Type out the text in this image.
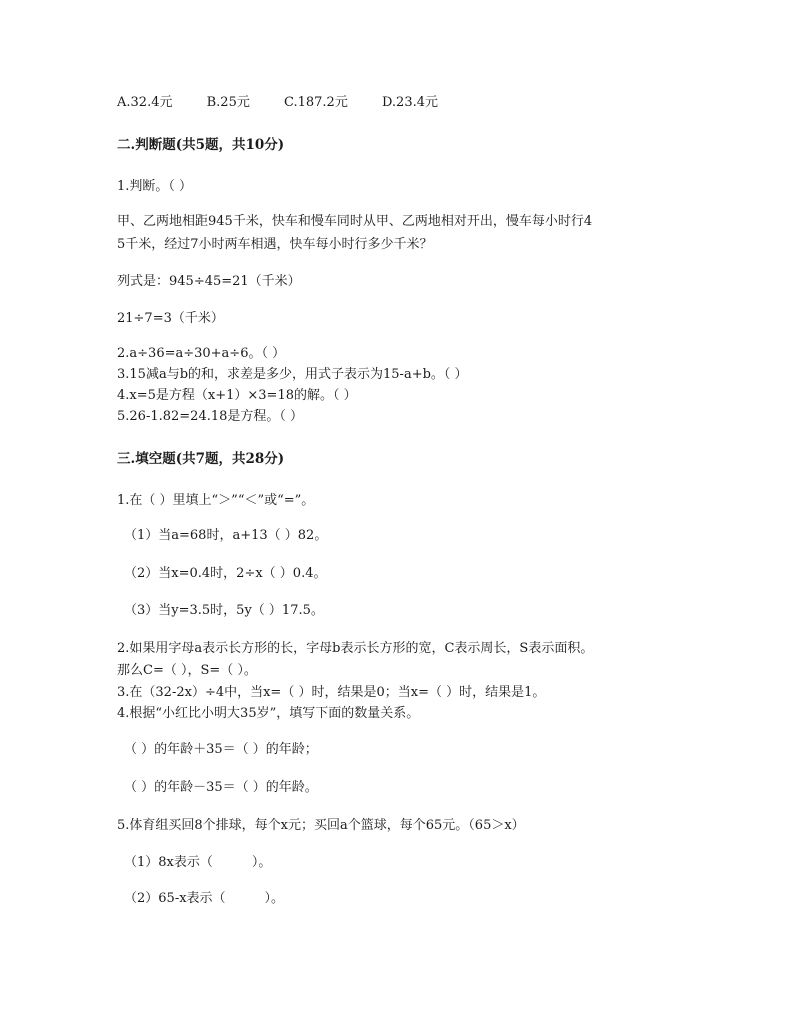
A.32.4元	B.25元	C.187.2元	D.23.4元
二.判断题(共5题，共10分)
1.判断。（ ）
甲、乙两地相距945千米，快车和慢车同时从甲、乙两地相对开出，慢车每小时行4
5千米，经过7小时两车相遇，快车每小时行多少千米？
列式是：945÷45=21（千米）
21÷7=3（千米）
2.a÷36=a÷30+a÷6。（ ）
3.15减a与b的和，求差是多少，用式子表示为15-a+b。（ ）
4.x=5是方程（x+1）×3=18的解。（ ）
5.26-1.82=24.18是方程。（ ）
三.填空题(共7题，共28分)
1.在（ ）里填上“＞”“＜”或“=”。
（1）当a=68时，a+13（ ）82。
（2）当x=0.4时，2÷x（ ）0.4。
（3）当y=3.5时，5y（ ）17.5。
2.如果用字母a表示长方形的长，字母b表示长方形的宽，C表示周长，S表示面积。
那么C=（ ），S=（ ）。
3.在（32-2x）÷4中，当x=（ ）时，结果是0；当x=（ ）时，结果是1。
4.根据“小红比小明大35岁”，填写下面的数量关系。
（ ）的年龄＋35＝（ ）的年龄；
（ ）的年龄－35＝（ ）的年龄。
5.体育组买回8个排球，每个x元；买回a个篮球，每个65元。（65＞x）
（1）8x表示（　　　）。
（2）65-x表示（　　　）。
